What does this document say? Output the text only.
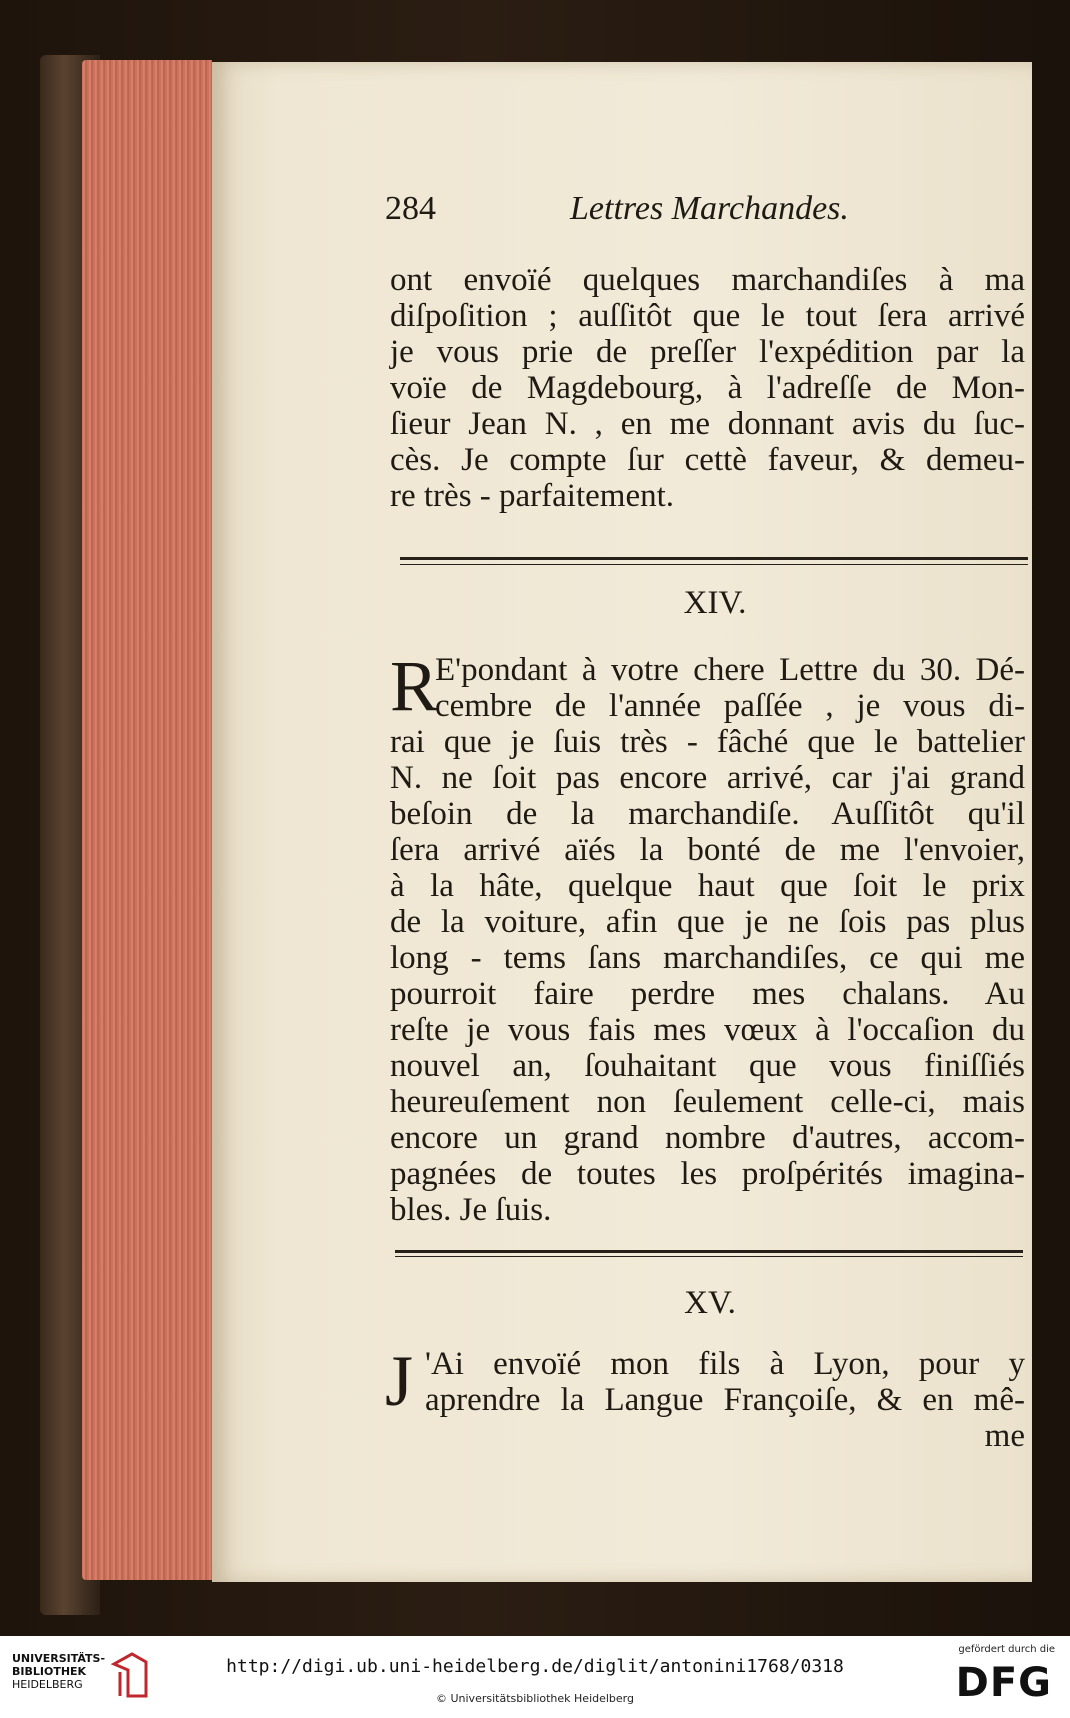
284	Lettres Marchandes.
ont envoïé quelques marchandiſes à ma
diſpoſition ; auſſitôt que le tout ſera arrivé
je vous prie de preſſer l'expédition par la
voïe de Magdebourg, à l'adreſſe de Mon-
ſieur Jean N. , en me donnant avis du ſuc-
cès. Je compte ſur cettè faveur, & demeu-
re très - parfaitement.
XIV.
R
E'pondant à votre chere Lettre du 30. Dé-
cembre de l'année paſſée , je vous di-
rai que je ſuis très - fâché que le battelier
N. ne ſoit pas encore arrivé, car j'ai grand
beſoin de la marchandiſe. Auſſitôt qu'il
ſera arrivé aïés la bonté de me l'envoier,
à la hâte, quelque haut que ſoit le prix
de la voiture, afin que je ne ſois pas plus
long - tems ſans marchandiſes, ce qui me
pourroit faire perdre mes chalans. Au
reſte je vous fais mes vœux à l'occaſion du
nouvel an, ſouhaitant que vous finiſſiés
heureuſement non ſeulement celle-ci, mais
encore un grand nombre d'autres, accom-
pagnées de toutes les proſpérités imagina-
bles. Je ſuis.
XV.
J 'Ai envoïé mon fils à Lyon, pour y
aprendre la Langue Françoiſe, & en mê-
me
UNIVERSITÄTS-
BIBLIOTHEK
HEIDELBERG
http://digi.ub.uni-heidelberg.de/diglit/antonini1768/0318
© Universitätsbibliothek Heidelberg
gefördert durch die
DFG
